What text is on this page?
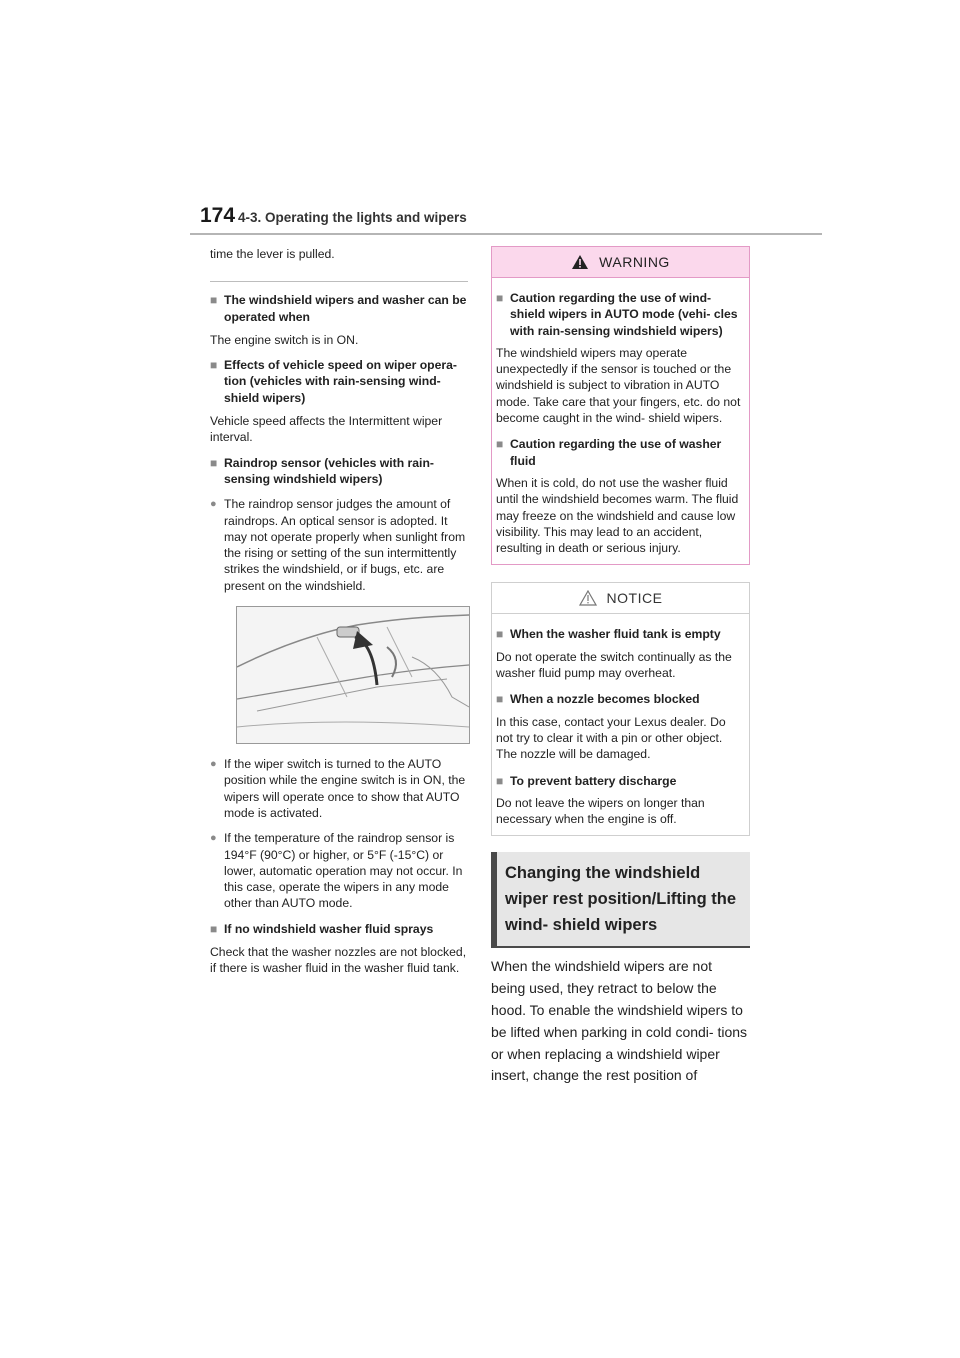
174 4-3. Operating the lights and wipers

time the lever is pulled.

■ The windshield wipers and washer can be operated when

The engine switch is in ON.

■ Effects of vehicle speed on wiper opera- tion (vehicles with rain-sensing wind- shield wipers)

Vehicle speed affects the Intermittent wiper interval.

■ Raindrop sensor (vehicles with rain- sensing windshield wipers)
● The raindrop sensor judges the amount of raindrops. An optical sensor is adopted. It may not operate properly when sunlight from the rising or setting of the sun intermittently strikes the windshield, or if bugs, etc. are present on the windshield.
● If the wiper switch is turned to the AUTO position while the engine switch is in ON, the wipers will operate once to show that AUTO mode is activated.
● If the temperature of the raindrop sensor is 194°F (90°C) or higher, or 5°F (-15°C) or lower, automatic operation may not occur. In this case, operate the wipers in any mode other than AUTO mode.
■ If no windshield washer fluid sprays

Check that the washer nozzles are not blocked, if there is washer fluid in the washer fluid tank.

WARNING
■ Caution regarding the use of wind- shield wipers in AUTO mode (vehi- cles with rain-sensing windshield wipers)

The windshield wipers may operate unexpectedly if the sensor is touched or the windshield is subject to vibration in AUTO mode. Take care that your fingers, etc. do not become caught in the wind- shield wipers.

■ Caution regarding the use of washer fluid

When it is cold, do not use the washer fluid until the windshield becomes warm. The fluid may freeze on the windshield and cause low visibility. This may lead to an accident, resulting in death or serious injury.

NOTICE
■ When the washer fluid tank is empty

Do not operate the switch continually as the washer fluid pump may overheat.

■ When a nozzle becomes blocked

In this case, contact your Lexus dealer. Do not try to clear it with a pin or other object. The nozzle will be damaged.

■ To prevent battery discharge

Do not leave the wipers on longer than necessary when the engine is off.

Changing the windshield wiper rest position/Lifting the wind- shield wipers
When the windshield wipers are not being used, they retract to below the hood. To enable the windshield wipers to be lifted when parking in cold condi- tions or when replacing a windshield wiper insert, change the rest position of
